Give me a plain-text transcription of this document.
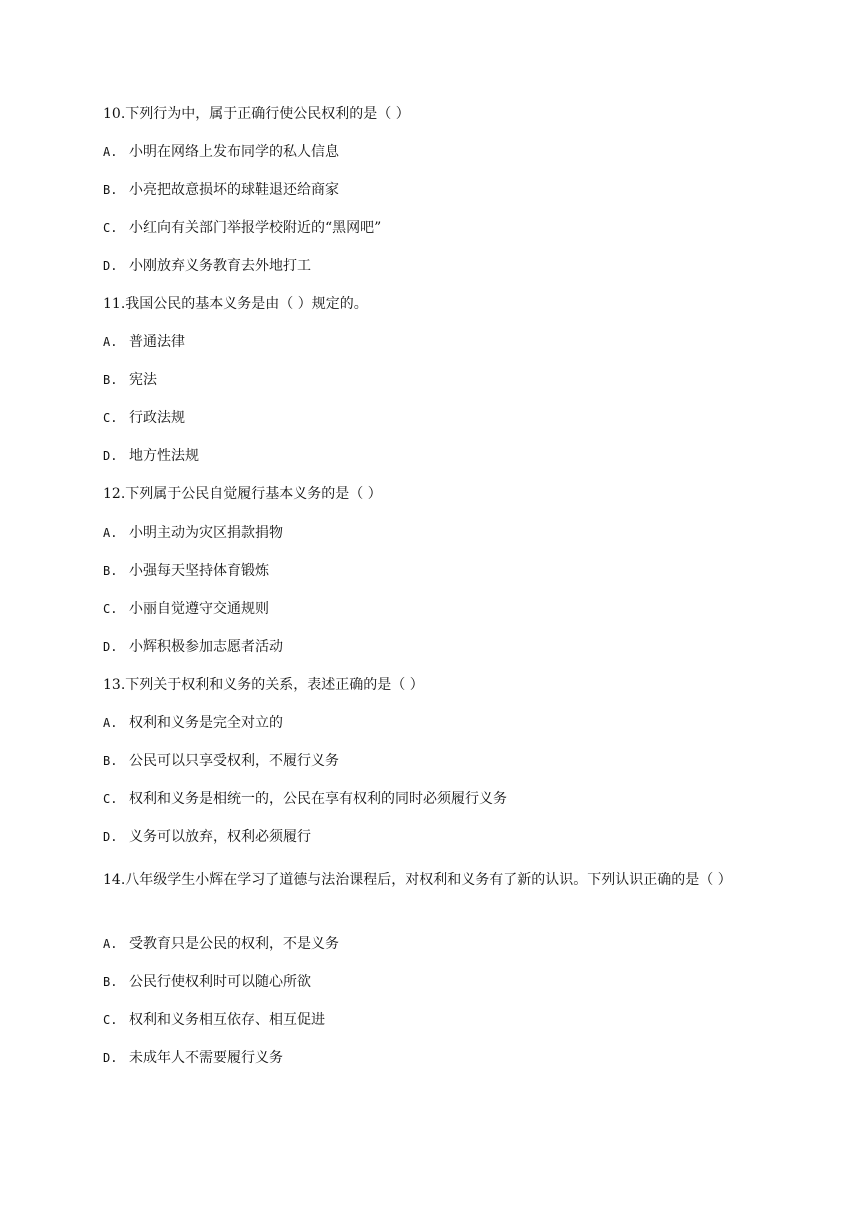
10.下列行为中，属于正确行使公民权利的是（ ）
A. 小明在网络上发布同学的私人信息
B. 小亮把故意损坏的球鞋退还给商家
C. 小红向有关部门举报学校附近的“黑网吧”
D. 小刚放弃义务教育去外地打工
11.我国公民的基本义务是由（ ）规定的。
A. 普通法律
B. 宪法
C. 行政法规
D. 地方性法规
12.下列属于公民自觉履行基本义务的是（ ）
A. 小明主动为灾区捐款捐物
B. 小强每天坚持体育锻炼
C. 小丽自觉遵守交通规则
D. 小辉积极参加志愿者活动
13.下列关于权利和义务的关系，表述正确的是（ ）
A. 权利和义务是完全对立的
B. 公民可以只享受权利，不履行义务
C. 权利和义务是相统一的，公民在享有权利的同时必须履行义务
D. 义务可以放弃，权利必须履行
14.八年级学生小辉在学习了道德与法治课程后，对权利和义务有了新的认识。下列认识正确的是（ ）
A. 受教育只是公民的权利，不是义务
B. 公民行使权利时可以随心所欲
C. 权利和义务相互依存、相互促进
D. 未成年人不需要履行义务
